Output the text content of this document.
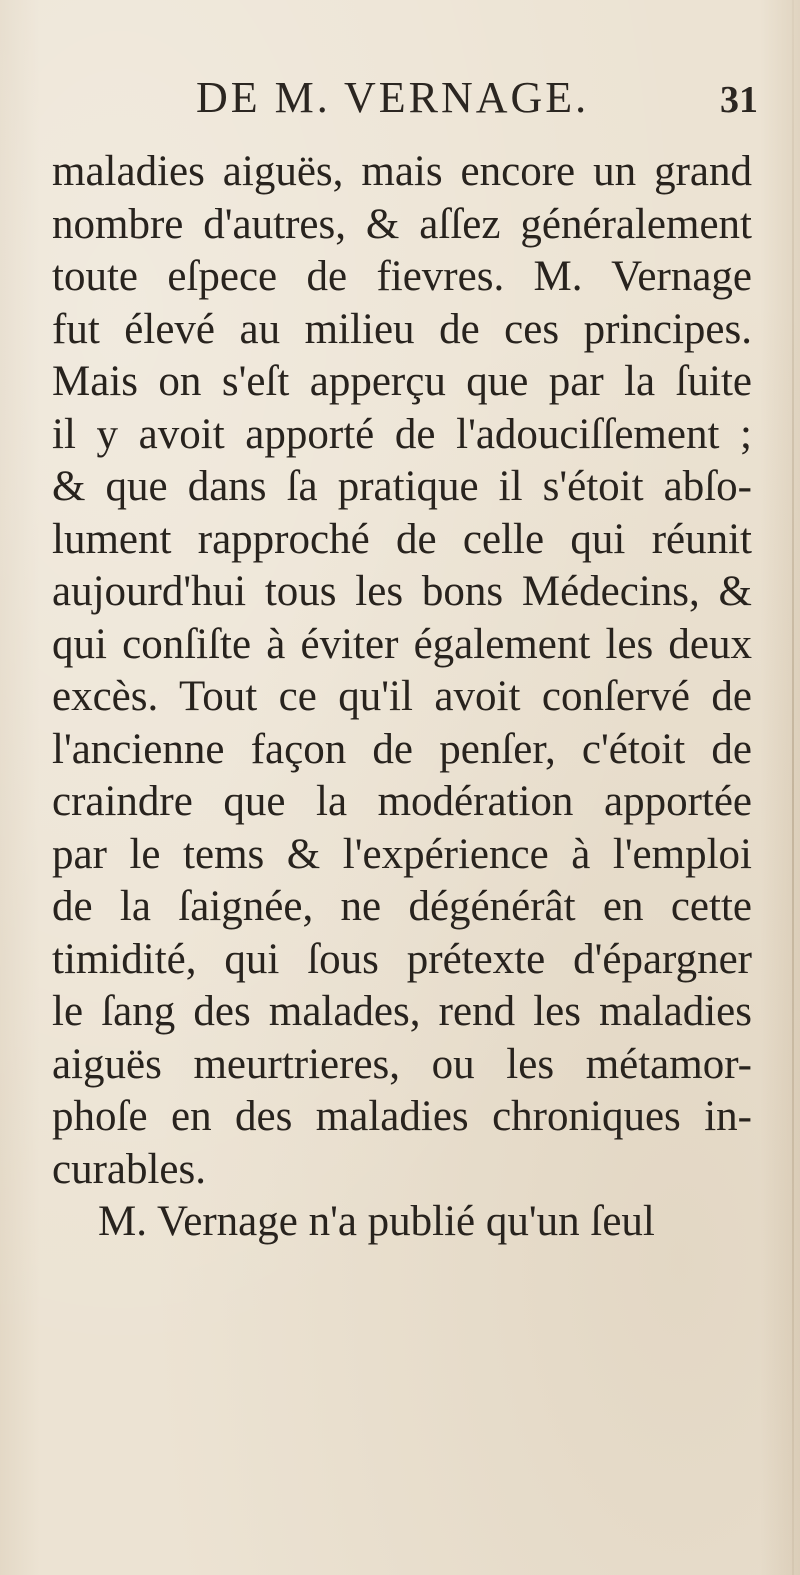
DE M. VERNAGE.	31
maladies aiguës, mais encore un grand
nombre d'autres, & aſſez généralement
toute eſpece de fievres. M. Vernage
fut élevé au milieu de ces principes.
Mais on s'eſt apperçu que par la ſuite
il y avoit apporté de l'adouciſſement ;
& que dans ſa pratique il s'étoit abſo-
lument rapproché de celle qui réunit
aujourd'hui tous les bons Médecins, &
qui conſiſte à éviter également les deux
excès. Tout ce qu'il avoit conſervé de
l'ancienne façon de penſer, c'étoit de
craindre que la modération apportée
par le tems & l'expérience à l'emploi
de la ſaignée, ne dégénérât en cette
timidité, qui ſous prétexte d'épargner
le ſang des malades, rend les maladies
aiguës meurtrieres, ou les métamor-
phoſe en des maladies chroniques in-
curables.
M. Vernage n'a publié qu'un ſeul
